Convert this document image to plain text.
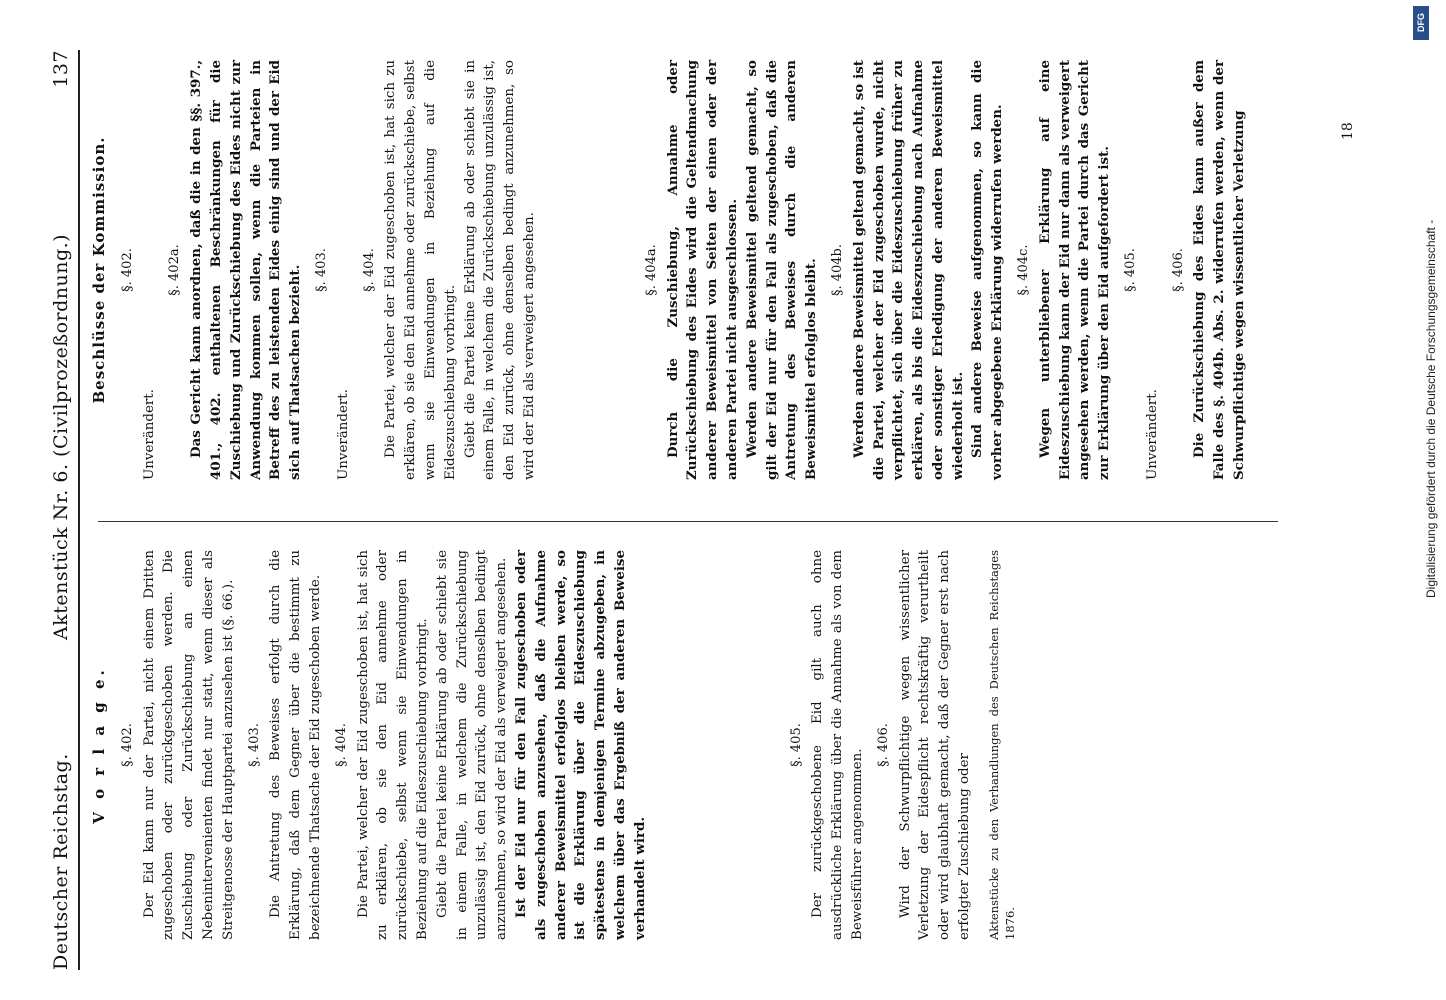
Deutscher Reichstag.
Aktenstück Nr. 6. (Civilprozeßordnung.)
137
V o r l a g e. §. 402. Der Eid kann nur der Partei, nicht einem Dritten zugeschoben oder zurückgeschoben werden. Die Zuschiebung oder Zurückschiebung an einen Nebenintervenienten findet nur statt, wenn dieser als Streitgenosse der Hauptpartei anzusehen ist (§. 66.). §. 403. Die Antretung des Beweises erfolgt durch die Erklärung, daß dem Gegner über die bestimmt zu bezeichnende Thatsache der Eid zugeschoben werde. §. 404. Die Partei, welcher der Eid zugeschoben ist, hat sich zu erklären, ob sie den Eid annehme oder zurückschiebe, selbst wenn sie Einwendungen in Beziehung auf die Eideszuschiebung vorbringt. Giebt die Partei keine Erklärung ab oder schiebt sie in einem Falle, in welchem die Zurückschiebung unzulässig ist, den Eid zurück, ohne denselben bedingt anzunehmen, so wird der Eid als verweigert angesehen. Ist der Eid nur für den Fall zugeschoben oder als zugeschoben anzusehen, daß die Aufnahme anderer Beweismittel erfolglos bleiben werde, so ist die Erklärung über die Eideszuschiebung spätestens in demjenigen Termine abzugeben, in welchem über das Ergebniß der anderen Beweise verhandelt wird.

§. 405. Der zurückgeschobene Eid gilt auch ohne ausdrückliche Erklärung über die Annahme als von dem Beweisführer angenommen.

§. 406. Wird der Schwurpflichtige wegen wissentlicher Verletzung der Eidespflicht rechtskräftig verurtheilt oder wird glaubhaft gemacht, daß der Gegner erst nach erfolgter Zuschiebung oder Aktenstücke zu den Verhandlungen des Deutschen Reichstages 1876.

Beschlüsse der Kommission. §. 402.

Unverändert.

§. 402a. Das Gericht kann anordnen, daß die in den §§. 397., 401., 402. enthaltenen Beschränkungen für die Zuschiebung und Zurückschiebung des Eides nicht zur Anwendung kommen sollen, wenn die Parteien in Betreff des zu leistenden Eides einig sind und der Eid sich auf Thatsachen bezieht. §. 403.

Unverändert.

§. 404. Die Partei, welcher der Eid zugeschoben ist, hat sich zu erklären, ob sie den Eid annehme oder zurückschiebe, selbst wenn sie Einwendungen in Beziehung auf die Eideszuschiebung vorbringt. Giebt die Partei keine Erklärung ab oder schiebt sie in einem Falle, in welchem die Zurückschiebung unzulässig ist, den Eid zurück, ohne denselben bedingt anzunehmen, so wird der Eid als verweigert angesehen.	§. 404a. Durch die Zuschiebung, Annahme oder Zurückschiebung des Eides wird die Geltendmachung anderer Beweismittel von Seiten der einen oder der anderen Partei nicht ausgeschlossen. Werden andere Beweismittel geltend gemacht, so gilt der Eid nur für den Fall als zugeschoben, daß die Antretung des Beweises durch die anderen Beweismittel erfolglos bleibt. §. 404b. Werden andere Beweismittel geltend gemacht, so ist die Partei, welcher der Eid zugeschoben wurde, nicht verpflichtet, sich über die Eideszuschiebung früher zu erklären, als bis die Eideszuschiebung nach Aufnahme oder sonstiger Erledigung der anderen Beweismittel wiederholt ist. Sind andere Beweise aufgenommen, so kann die vorher abgegebene Erklärung widerrufen werden. §. 404c. Wegen unterbliebener Erklärung auf eine Eideszuschiebung kann der Eid nur dann als verweigert angesehen werden, wenn die Partei durch das Gericht zur Erklärung über den Eid aufgefordert ist. §. 405.

Unverändert.

§. 406. Die Zurückschiebung des Eides kann außer dem Falle des §. 404b. Abs. 2. widerrufen werden, wenn der Schwurpflichtige wegen wissentlicher Verletzung	18
Digitalisierung gefördert durch die Deutsche Forschungsgemeinschaft -
DFG
